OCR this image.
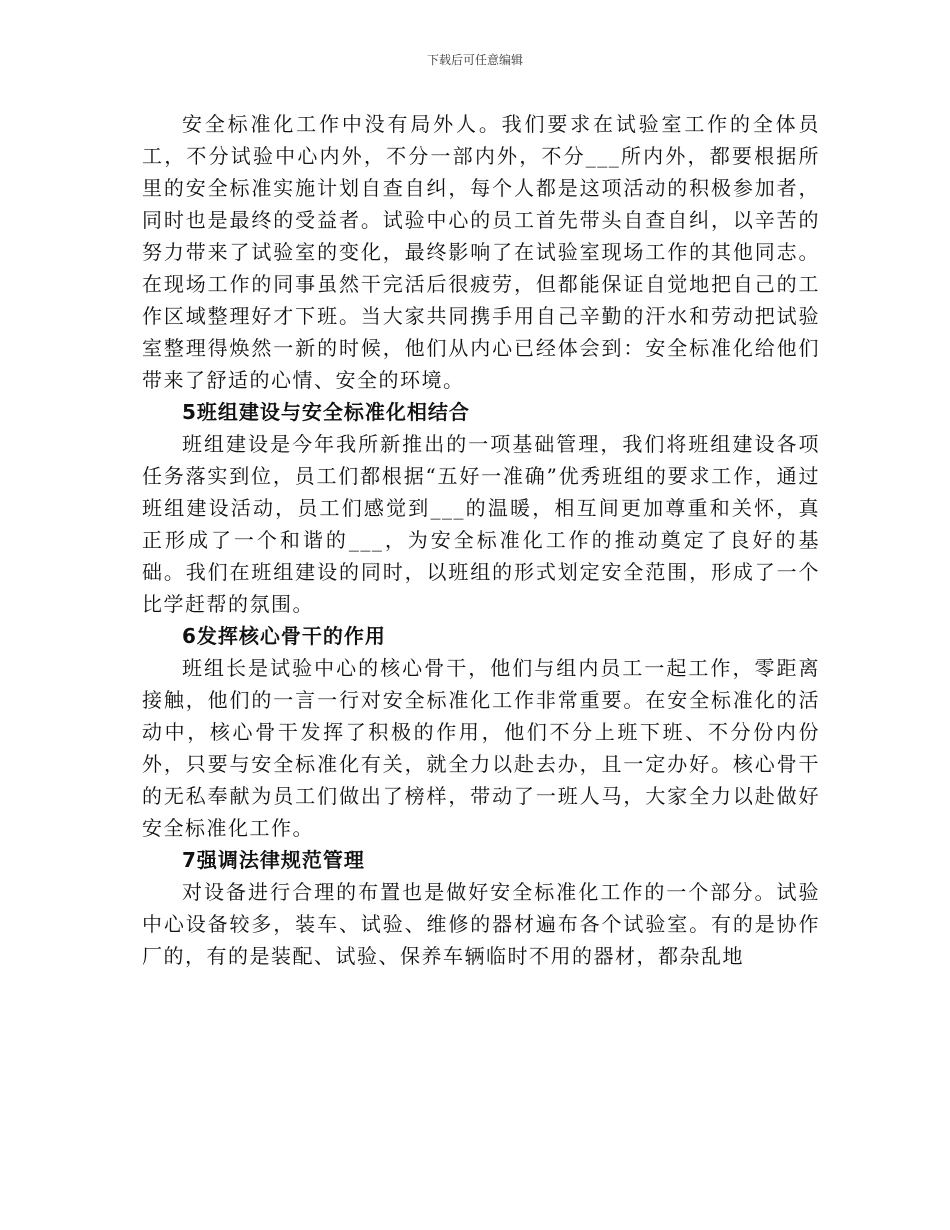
下载后可任意编辑

安全标准化工作中没有局外人。我们要求在试验室工作的全体员工，不分试验中心内外，不分一部内外，不分___所内外，都要根据所里的安全标准实施计划自查自纠，每个人都是这项活动的积极参加者，同时也是最终的受益者。试验中心的员工首先带头自查自纠，以辛苦的努力带来了试验室的变化，最终影响了在试验室现场工作的其他同志。在现场工作的同事虽然干完活后很疲劳，但都能保证自觉地把自己的工作区域整理好才下班。当大家共同携手用自己辛勤的汗水和劳动把试验室整理得焕然一新的时候，他们从内心已经体会到：安全标准化给他们带来了舒适的心情、安全的环境。

5班组建设与安全标准化相结合

班组建设是今年我所新推出的一项基础管理，我们将班组建设各项任务落实到位，员工们都根据“五好一准确”优秀班组的要求工作，通过班组建设活动，员工们感觉到___的温暖，相互间更加尊重和关怀，真正形成了一个和谐的___，为安全标准化工作的推动奠定了良好的基础。我们在班组建设的同时，以班组的形式划定安全范围，形成了一个比学赶帮的氛围。

6发挥核心骨干的作用

班组长是试验中心的核心骨干，他们与组内员工一起工作，零距离接触，他们的一言一行对安全标准化工作非常重要。在安全标准化的活动中，核心骨干发挥了积极的作用，他们不分上班下班、不分份内份外，只要与安全标准化有关，就全力以赴去办，且一定办好。核心骨干的无私奉献为员工们做出了榜样，带动了一班人马，大家全力以赴做好安全标准化工作。

7强调法律规范管理

对设备进行合理的布置也是做好安全标准化工作的一个部分。试验中心设备较多，装车、试验、维修的器材遍布各个试验室。有的是协作厂的，有的是装配、试验、保养车辆临时不用的器材，都杂乱地
